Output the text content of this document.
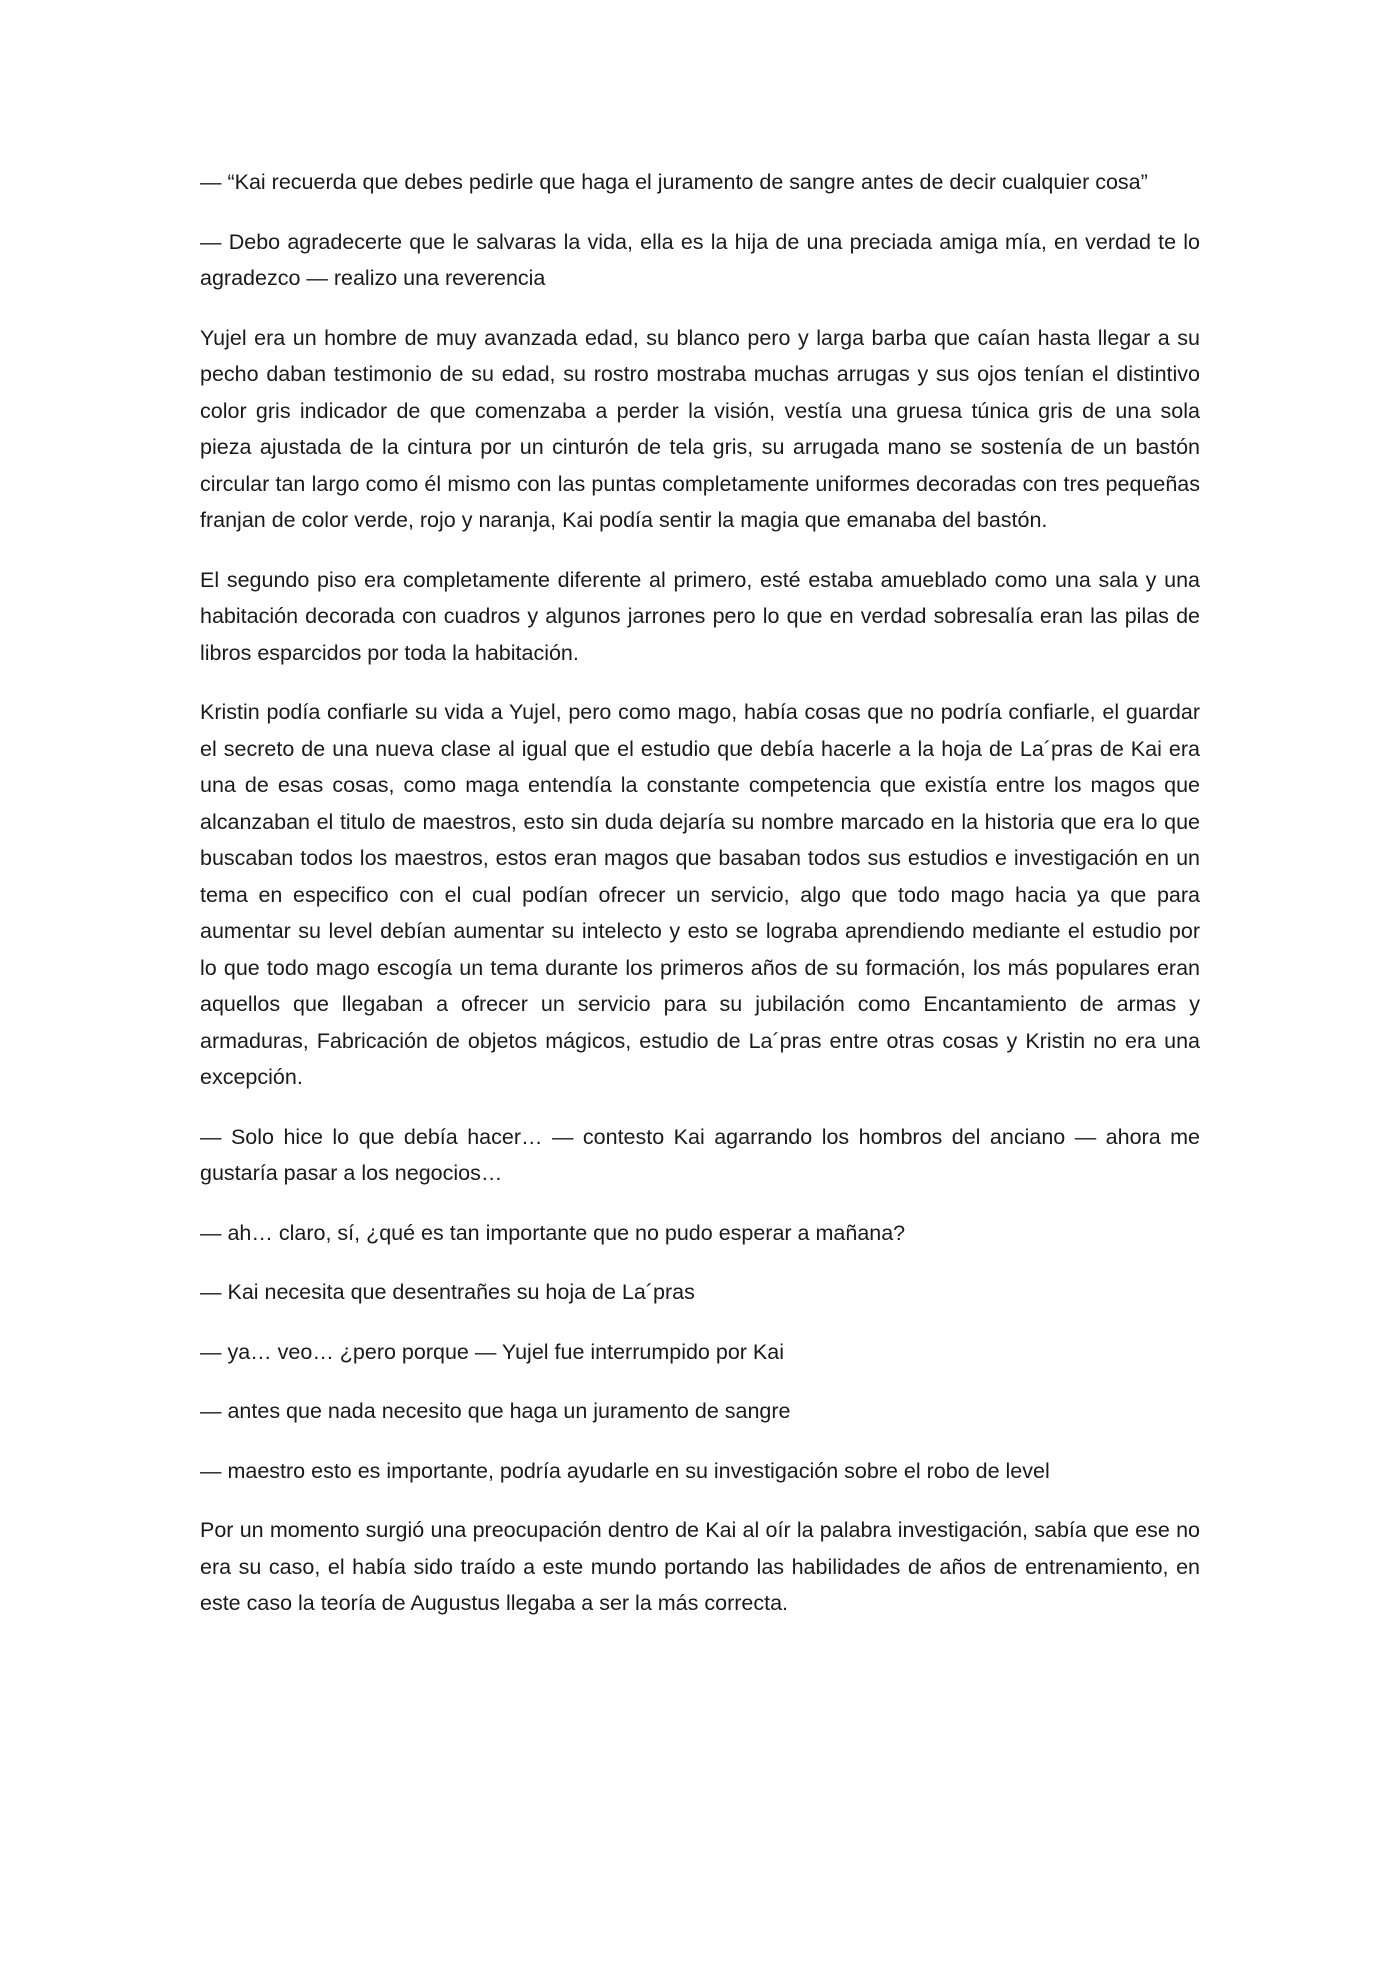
— “Kai recuerda que debes pedirle que haga el juramento de sangre antes de decir cualquier cosa”

— Debo agradecerte que le salvaras la vida, ella es la hija de una preciada amiga mía, en verdad te lo agradezco — realizo una reverencia

Yujel era un hombre de muy avanzada edad, su blanco pero y larga barba que caían hasta llegar a su pecho daban testimonio de su edad, su rostro mostraba muchas arrugas y sus ojos tenían el distintivo color gris indicador de que comenzaba a perder la visión, vestía una gruesa túnica gris de una sola pieza ajustada de la cintura por un cinturón de tela gris, su arrugada mano se sostenía de un bastón circular tan largo como él mismo con las puntas completamente uniformes decoradas con tres pequeñas franjan de color verde, rojo y naranja, Kai podía sentir la magia que emanaba del bastón.

El segundo piso era completamente diferente al primero, esté estaba amueblado como una sala y una habitación decorada con cuadros y algunos jarrones pero lo que en verdad sobresalía eran las pilas de libros esparcidos por toda la habitación.

Kristin podía confiarle su vida a Yujel, pero como mago, había cosas que no podría confiarle, el guardar el secreto de una nueva clase al igual que el estudio que debía hacerle a la hoja de La´pras de Kai era una de esas cosas, como maga entendía la constante competencia que existía entre los magos que alcanzaban el titulo de maestros, esto sin duda dejaría su nombre marcado en la historia que era lo que buscaban todos los maestros, estos eran magos que basaban todos sus estudios e investigación en un tema en especifico con el cual podían ofrecer un servicio, algo que todo mago hacia ya que para aumentar su level debían aumentar su intelecto y esto se lograba aprendiendo mediante el estudio por lo que todo mago escogía un tema durante los primeros años de su formación, los más populares eran aquellos que llegaban a ofrecer un servicio para su jubilación como Encantamiento de armas y armaduras, Fabricación de objetos mágicos, estudio de La´pras entre otras cosas y Kristin no era una excepción.

— Solo hice lo que debía hacer… — contesto Kai agarrando los hombros del anciano — ahora me gustaría pasar a los negocios…

— ah… claro, sí, ¿qué es tan importante que no pudo esperar a mañana?

— Kai necesita que desentrañes su hoja de La´pras

— ya… veo… ¿pero porque — Yujel fue interrumpido por Kai

— antes que nada necesito que haga un juramento de sangre

— maestro esto es importante, podría ayudarle en su investigación sobre el robo de level

Por un momento surgió una preocupación dentro de Kai al oír la palabra investigación, sabía que ese no era su caso, el había sido traído a este mundo portando las habilidades de años de entrenamiento, en este caso la teoría de Augustus llegaba a ser la más correcta.
